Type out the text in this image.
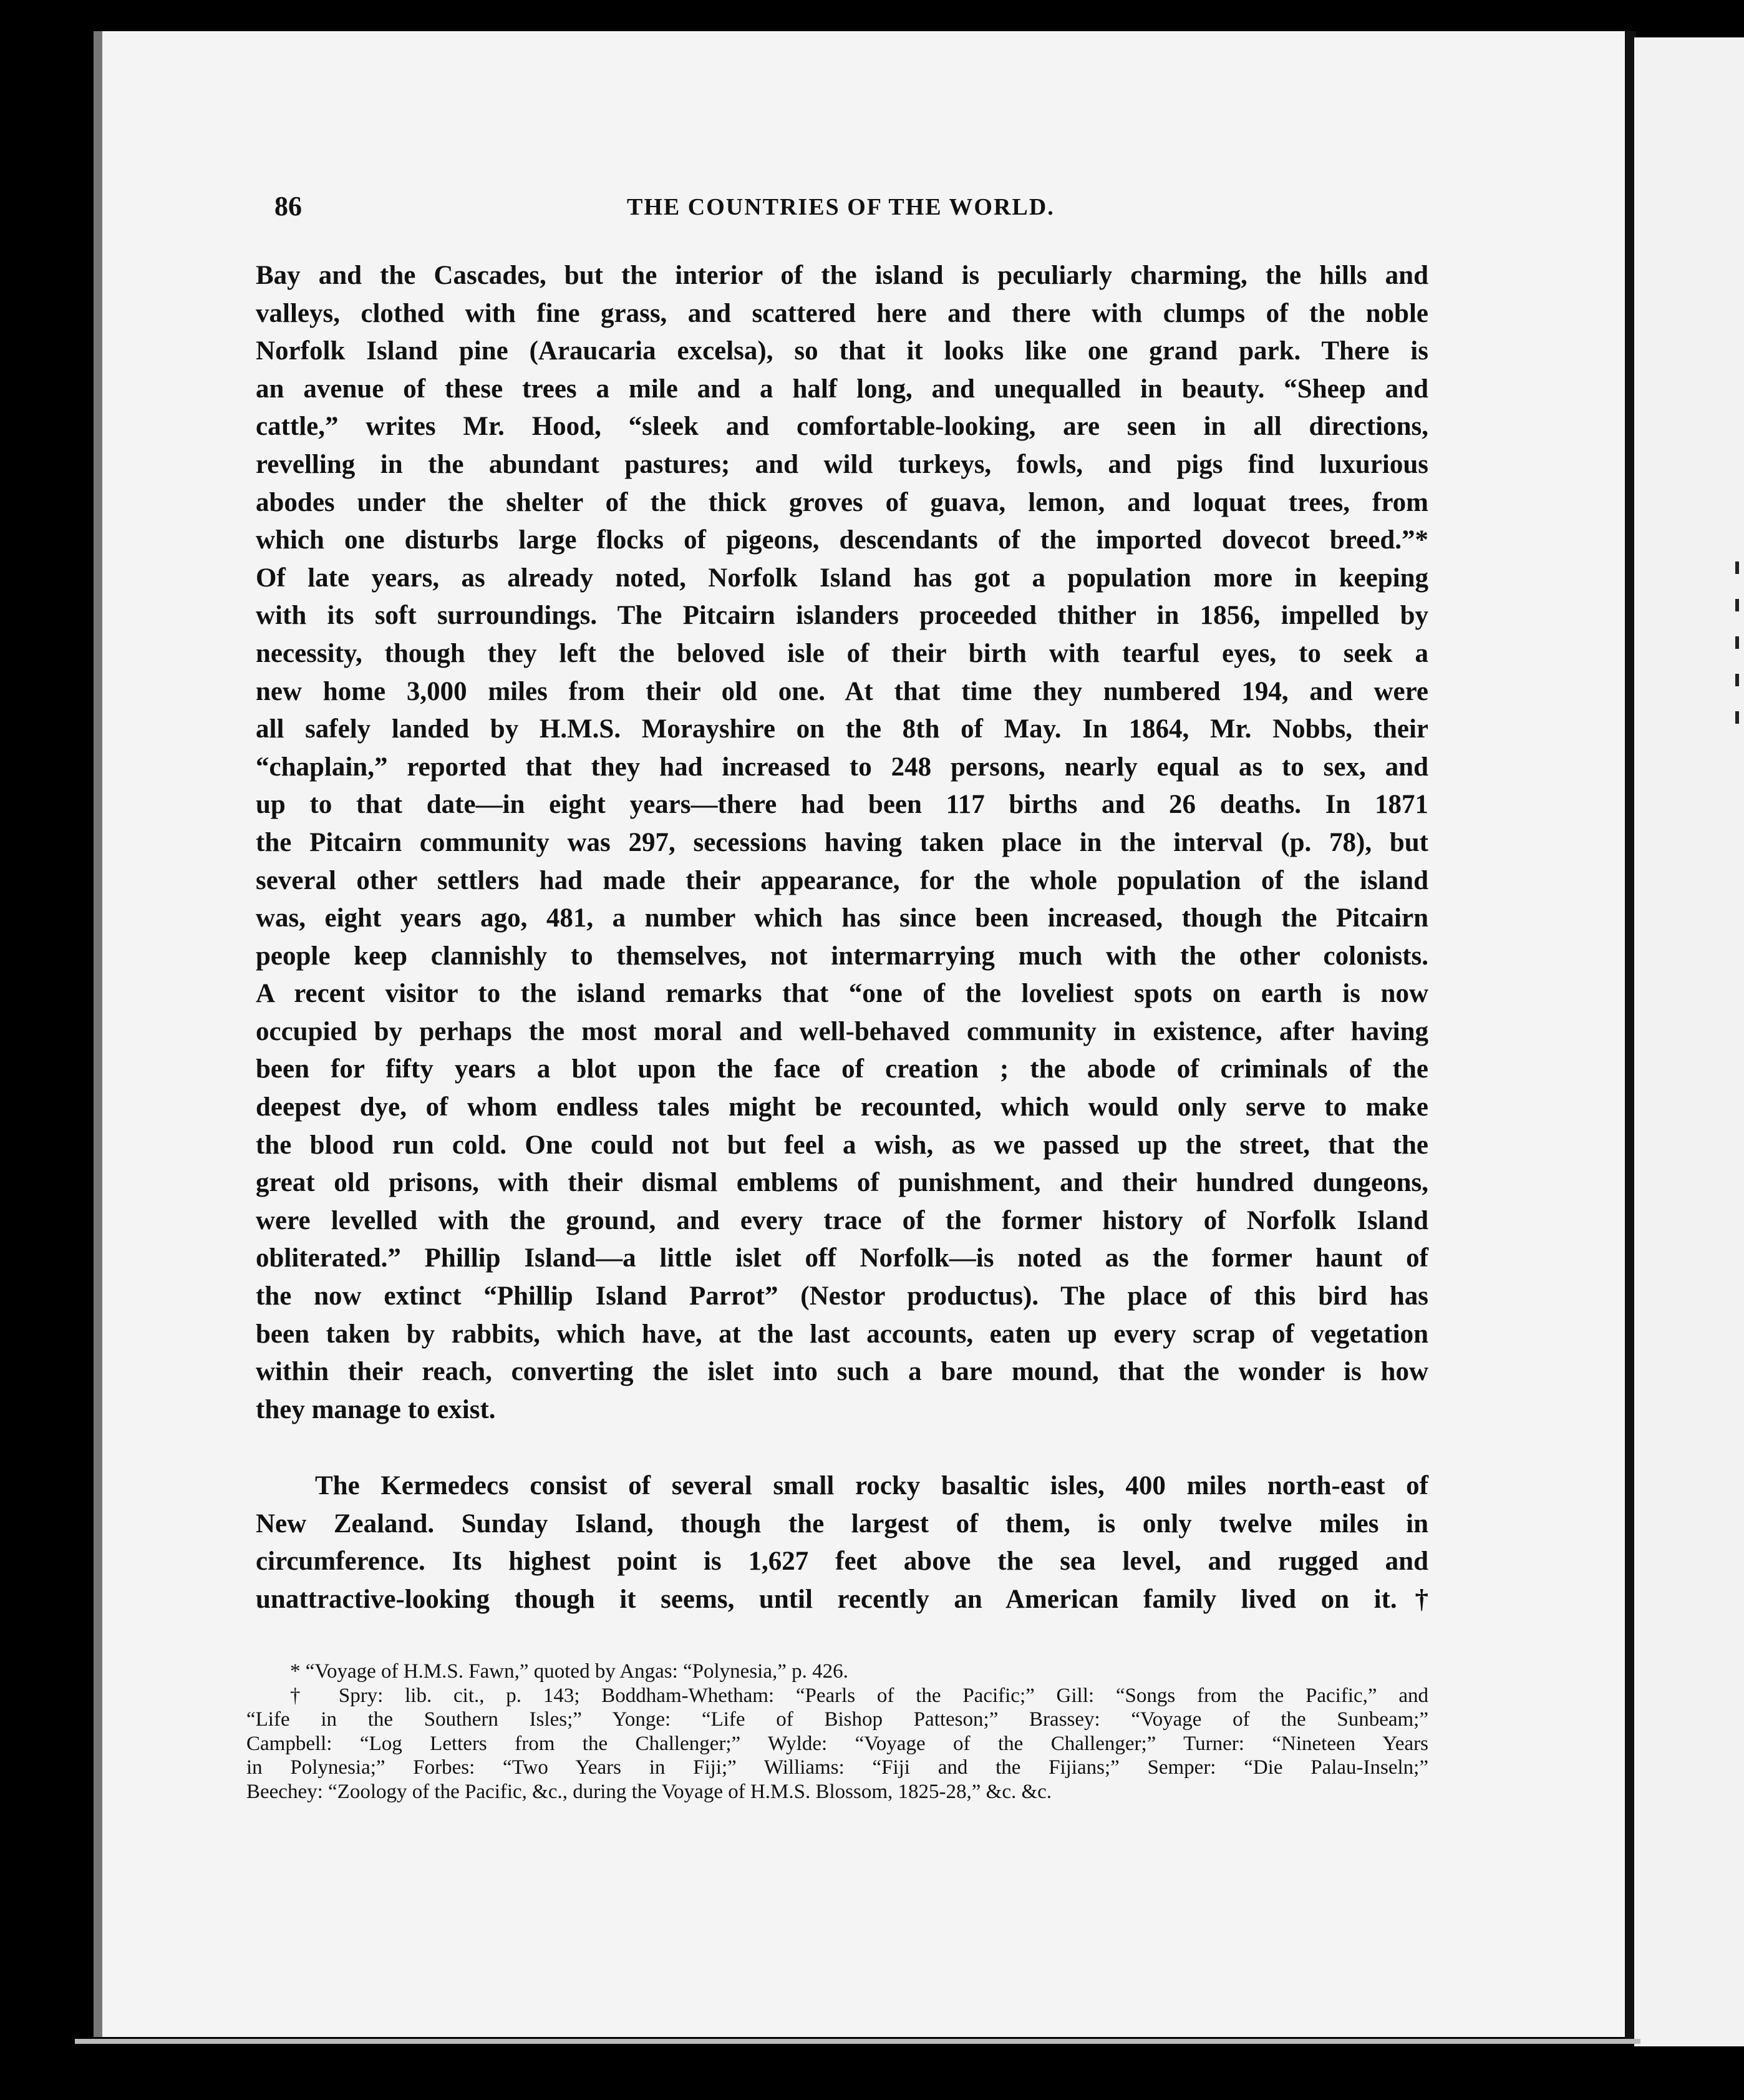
86	THE COUNTRIES OF THE WORLD.
Bay and the Cascades, but the interior of the island is peculiarly charming, the hills and
valleys, clothed with fine grass, and scattered here and there with clumps of the noble
Norfolk Island pine (Araucaria excelsa), so that it looks like one grand park. There is
an avenue of these trees a mile and a half long, and unequalled in beauty. “Sheep and
cattle,” writes Mr. Hood, “sleek and comfortable-looking, are seen in all directions,
revelling in the abundant pastures; and wild turkeys, fowls, and pigs find luxurious
abodes under the shelter of the thick groves of guava, lemon, and loquat trees, from
which one disturbs large flocks of pigeons, descendants of the imported dovecot breed.”*
Of late years, as already noted, Norfolk Island has got a population more in keeping
with its soft surroundings. The Pitcairn islanders proceeded thither in 1856, impelled by
necessity, though they left the beloved isle of their birth with tearful eyes, to seek a
new home 3,000 miles from their old one. At that time they numbered 194, and were
all safely landed by H.M.S. Morayshire on the 8th of May. In 1864, Mr. Nobbs, their
“chaplain,” reported that they had increased to 248 persons, nearly equal as to sex, and
up to that date—in eight years—there had been 117 births and 26 deaths. In 1871
the Pitcairn community was 297, secessions having taken place in the interval (p. 78), but
several other settlers had made their appearance, for the whole population of the island
was, eight years ago, 481, a number which has since been increased, though the Pitcairn
people keep clannishly to themselves, not intermarrying much with the other colonists.
A recent visitor to the island remarks that “one of the loveliest spots on earth is now
occupied by perhaps the most moral and well-behaved community in existence, after having
been for fifty years a blot upon the face of creation ; the abode of criminals of the
deepest dye, of whom endless tales might be recounted, which would only serve to make
the blood run cold. One could not but feel a wish, as we passed up the street, that the
great old prisons, with their dismal emblems of punishment, and their hundred dungeons,
were levelled with the ground, and every trace of the former history of Norfolk Island
obliterated.” Phillip Island—a little islet off Norfolk—is noted as the former haunt of
the now extinct “Phillip Island Parrot” (Nestor productus). The place of this bird has
been taken by rabbits, which have, at the last accounts, eaten up every scrap of vegetation
within their reach, converting the islet into such a bare mound, that the wonder is how
they manage to exist.
The Kermedecs consist of several small rocky basaltic isles, 400 miles north-east of
New Zealand. Sunday Island, though the largest of them, is only twelve miles in
circumference. Its highest point is 1,627 feet above the sea level, and rugged and
unattractive-looking though it seems, until recently an American family lived on it.†
* “Voyage of H.M.S. Fawn,” quoted by Angas: “Polynesia,” p. 426.
† Spry: lib. cit., p. 143; Boddham-Whetham: “Pearls of the Pacific;” Gill: “Songs from the Pacific,” and
“Life in the Southern Isles;” Yonge: “Life of Bishop Patteson;” Brassey: “Voyage of the Sunbeam;”
Campbell: “Log Letters from the Challenger;” Wylde: “Voyage of the Challenger;” Turner: “Nineteen Years
in Polynesia;” Forbes: “Two Years in Fiji;” Williams: “Fiji and the Fijians;” Semper: “Die Palau-Inseln;”
Beechey: “Zoology of the Pacific, &c., during the Voyage of H.M.S. Blossom, 1825-28,” &c. &c.
